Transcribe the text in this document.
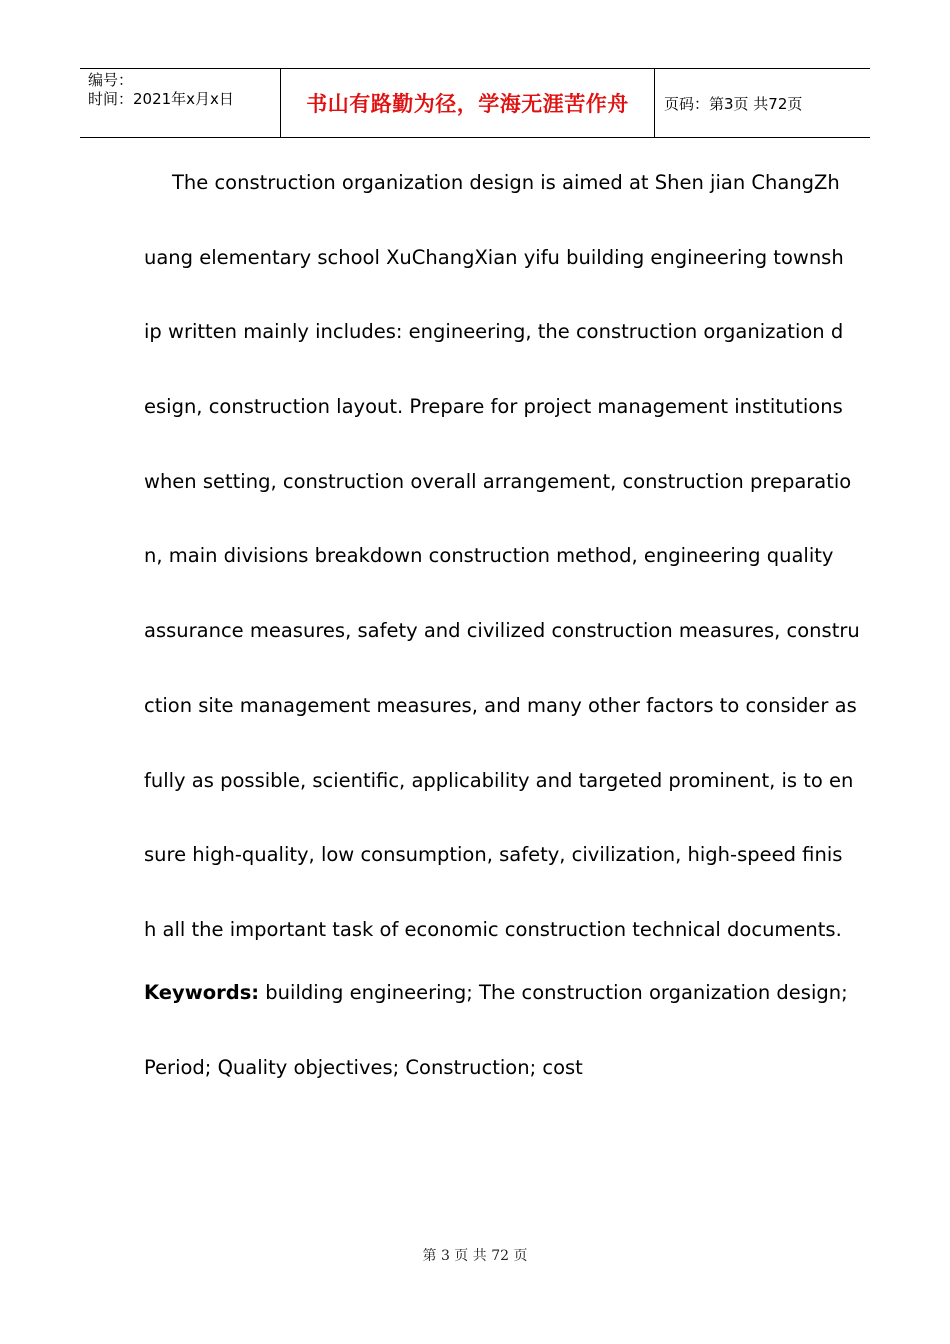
编号：
时间：2021年x月x日	书山有路勤为径，学海无涯苦作舟 页码：第3页 共72页
The construction organization design is aimed at Shen jian ChangZh
uang elementary school XuChangXian yifu building engineering townsh
ip written mainly includes: engineering, the construction organization d
esign, construction layout. Prepare for project management institutions
when setting, construction overall arrangement, construction preparatio
n, main divisions breakdown construction method, engineering quality
assurance measures, safety and civilized construction measures, constru
ction site management measures, and many other factors to consider as
fully as possible, scientific, applicability and targeted prominent, is to en
sure high-quality, low consumption, safety, civilization, high-speed finis
h all the important task of economic construction technical documents.
Keywords: building engineering; The construction organization design;
Period; Quality objectives; Construction; cost
第 3 页 共 72 页
